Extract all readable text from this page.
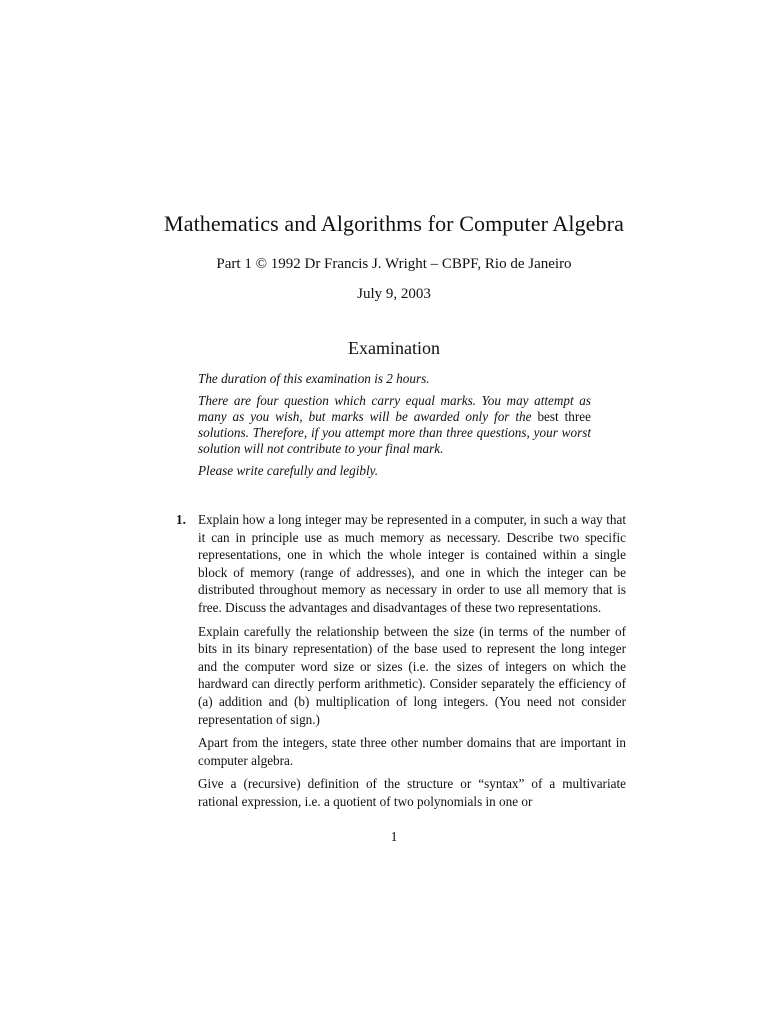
Mathematics and Algorithms for Computer Algebra
Part 1 © 1992 Dr Francis J. Wright – CBPF, Rio de Janeiro
July 9, 2003
Examination

The duration of this examination is 2 hours.

There are four question which carry equal marks. You may attempt as many as you wish, but marks will be awarded only for the best three solutions. Therefore, if you attempt more than three questions, your worst solution will not contribute to your final mark.

Please write carefully and legibly.

1. Explain how a long integer may be represented in a computer, in such a way that it can in principle use as much memory as necessary. Describe two specific representations, one in which the whole integer is contained within a single block of memory (range of addresses), and one in which the integer can be distributed throughout memory as necessary in order to use all memory that is free. Discuss the advantages and disadvantages of these two representations.

Explain carefully the relationship between the size (in terms of the number of bits in its binary representation) of the base used to represent the long integer and the computer word size or sizes (i.e. the sizes of integers on which the hardward can directly perform arithmetic). Consider separately the efficiency of (a) addition and (b) multiplication of long integers. (You need not consider representation of sign.)

Apart from the integers, state three other number domains that are important in computer algebra.

Give a (recursive) definition of the structure or “syntax” of a multivariate rational expression, i.e. a quotient of two polynomials in one or

1
